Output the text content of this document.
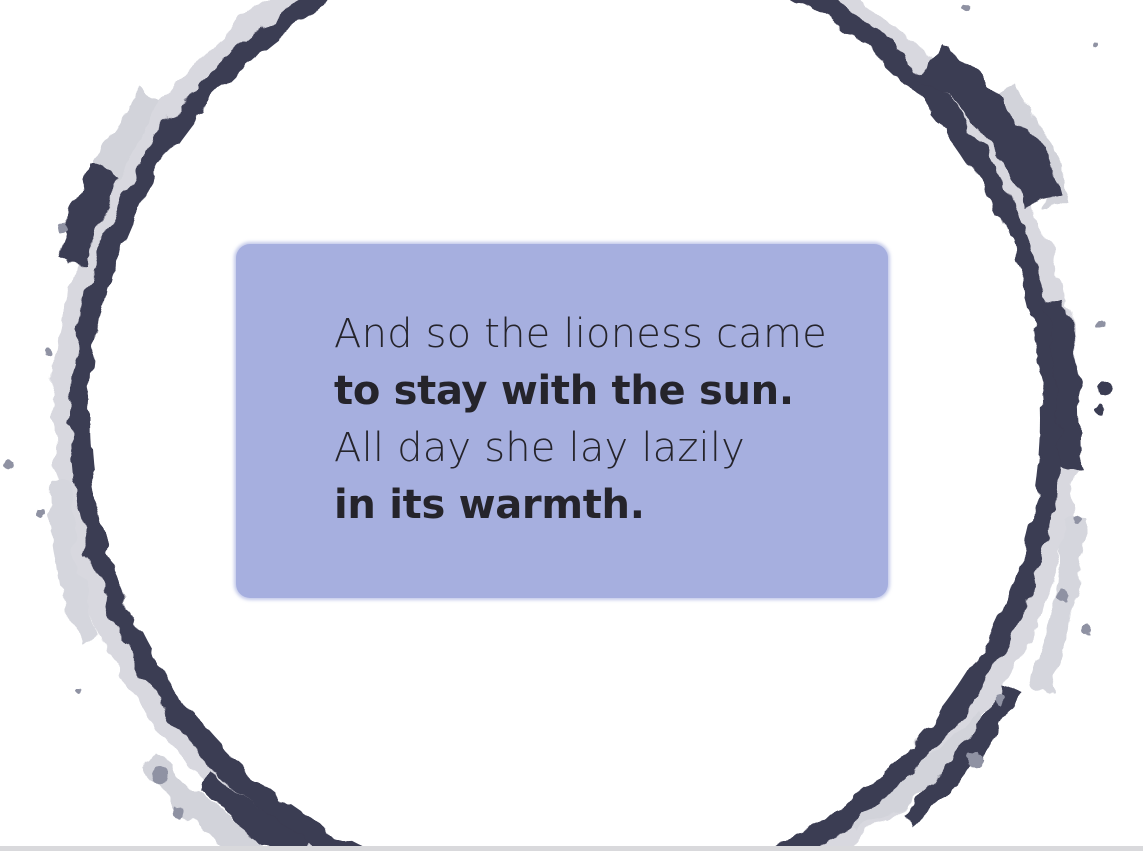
And so the lioness came
to stay with the sun.
All day she lay lazily
in its warmth.
